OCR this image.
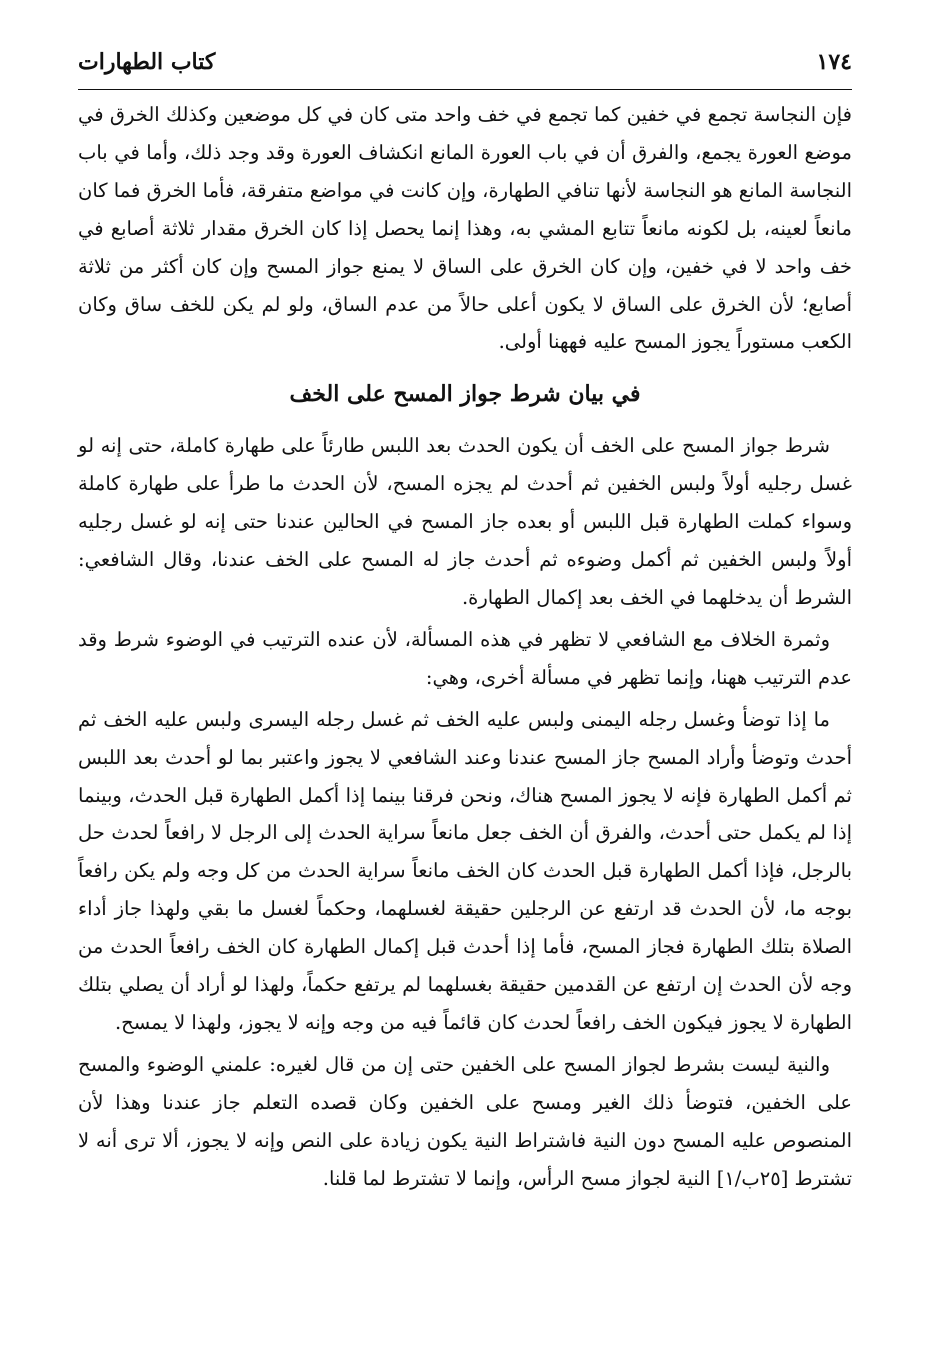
١٧٤
كتاب الطهارات

فإن النجاسة تجمع في خفين كما تجمع في خف واحد متى كان في كل موضعين وكذلك الخرق في موضع العورة يجمع، والفرق أن في باب العورة المانع انكشاف العورة وقد وجد ذلك، وأما في باب النجاسة المانع هو النجاسة لأنها تنافي الطهارة، وإن كانت في مواضع متفرقة، فأما الخرق فما كان مانعاً لعينه، بل لكونه مانعاً تتابع المشي به، وهذا إنما يحصل إذا كان الخرق مقدار ثلاثة أصابع في خف واحد لا في خفين، وإن كان الخرق على الساق لا يمنع جواز المسح وإن كان أكثر من ثلاثة أصابع؛ لأن الخرق على الساق لا يكون أعلى حالاً من عدم الساق، ولو لم يكن للخف ساق وكان الكعب مستوراً يجوز المسح عليه فههنا أولى.

في بيان شرط جواز المسح على الخف

شرط جواز المسح على الخف أن يكون الحدث بعد اللبس طارئاً على طهارة كاملة، حتى إنه لو غسل رجليه أولاً ولبس الخفين ثم أحدث لم يجزه المسح، لأن الحدث ما طرأ على طهارة كاملة وسواء كملت الطهارة قبل اللبس أو بعده جاز المسح في الحالين عندنا حتى إنه لو غسل رجليه أولاً ولبس الخفين ثم أكمل وضوءه ثم أحدث جاز له المسح على الخف عندنا، وقال الشافعي: الشرط أن يدخلهما في الخف بعد إكمال الطهارة.

وثمرة الخلاف مع الشافعي لا تظهر في هذه المسألة، لأن عنده الترتيب في الوضوء شرط وقد عدم الترتيب ههنا، وإنما تظهر في مسألة أخرى، وهي:

ما إذا توضأ وغسل رجله اليمنى ولبس عليه الخف ثم غسل رجله اليسرى ولبس عليه الخف ثم أحدث وتوضأ وأراد المسح جاز المسح عندنا وعند الشافعي لا يجوز واعتبر بما لو أحدث بعد اللبس ثم أكمل الطهارة فإنه لا يجوز المسح هناك، ونحن فرقنا بينما إذا أكمل الطهارة قبل الحدث، وبينما إذا لم يكمل حتى أحدث، والفرق أن الخف جعل مانعاً سراية الحدث إلى الرجل لا رافعاً لحدث حل بالرجل، فإذا أكمل الطهارة قبل الحدث كان الخف مانعاً سراية الحدث من كل وجه ولم يكن رافعاً بوجه ما، لأن الحدث قد ارتفع عن الرجلين حقيقة لغسلهما، وحكماً لغسل ما بقي ولهذا جاز أداء الصلاة بتلك الطهارة فجاز المسح، فأما إذا أحدث قبل إكمال الطهارة كان الخف رافعاً الحدث من وجه لأن الحدث إن ارتفع عن القدمين حقيقة بغسلهما لم يرتفع حكماً، ولهذا لو أراد أن يصلي بتلك الطهارة لا يجوز فيكون الخف رافعاً لحدث كان قائماً فيه من وجه وإنه لا يجوز، ولهذا لا يمسح.

والنية ليست بشرط لجواز المسح على الخفين حتى إن من قال لغيره: علمني الوضوء والمسح على الخفين، فتوضأ ذلك الغير ومسح على الخفين وكان قصده التعلم جاز عندنا وهذا لأن المنصوص عليه المسح دون النية فاشتراط النية يكون زيادة على النص وإنه لا يجوز، ألا ترى أنه لا تشترط [٢٥ب/١] النية لجواز مسح الرأس، وإنما لا تشترط لما قلنا.
